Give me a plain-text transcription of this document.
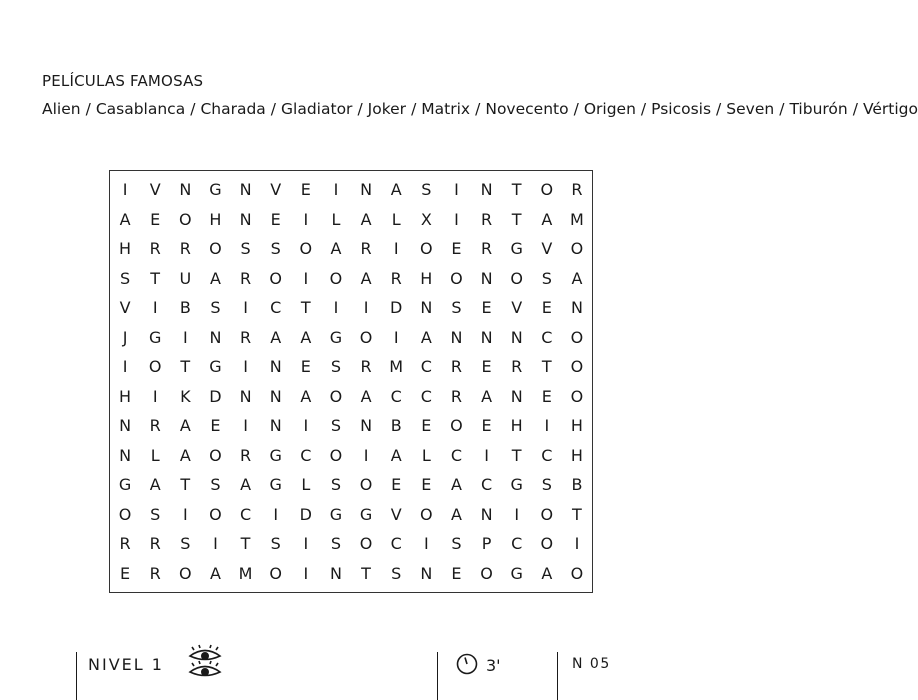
PELÍCULAS FAMOSAS
Alien / Casablanca / Charada / Gladiator / Joker / Matrix / Novecento / Origen / Psicosis / Seven / Tiburón / Vértigo
I	V	N	G	N	V	E	I	N	A	S	I	N	T	O	R
A	E	O	H	N	E	I	L	A	L	X	I	R	T	A	M
H	R	R	O	S	S	O	A	R	I	O	E	R	G	V	O
S	T	U	A	R	O	I	O	A	R	H	O	N	O	S	A
V	I	B	S	I	C	T	I	I	D	N	S	E	V	E	N
J	G	I	N	R	A	A	G	O	I	A	N	N	N	C	O
I	O	T	G	I	N	E	S	R	M	C	R	E	R	T	O
H	I	K	D	N	N	A	O	A	C	C	R	A	N	E	O
N	R	A	E	I	N	I	S	N	B	E	O	E	H	I	H
N	L	A	O	R	G	C	O	I	A	L	C	I	T	C	H
G	A	T	S	A	G	L	S	O	E	E	A	C	G	S	B
O	S	I	O	C	I	D	G	G	V	O	A	N	I	O	T
R	R	S	I	T	S	I	S	O	C	I	S	P	C	O	I
E	R	O	A	M	O	I	N	T	S	N	E	O	G	A	O
NIVEL 1	3'	N 05
